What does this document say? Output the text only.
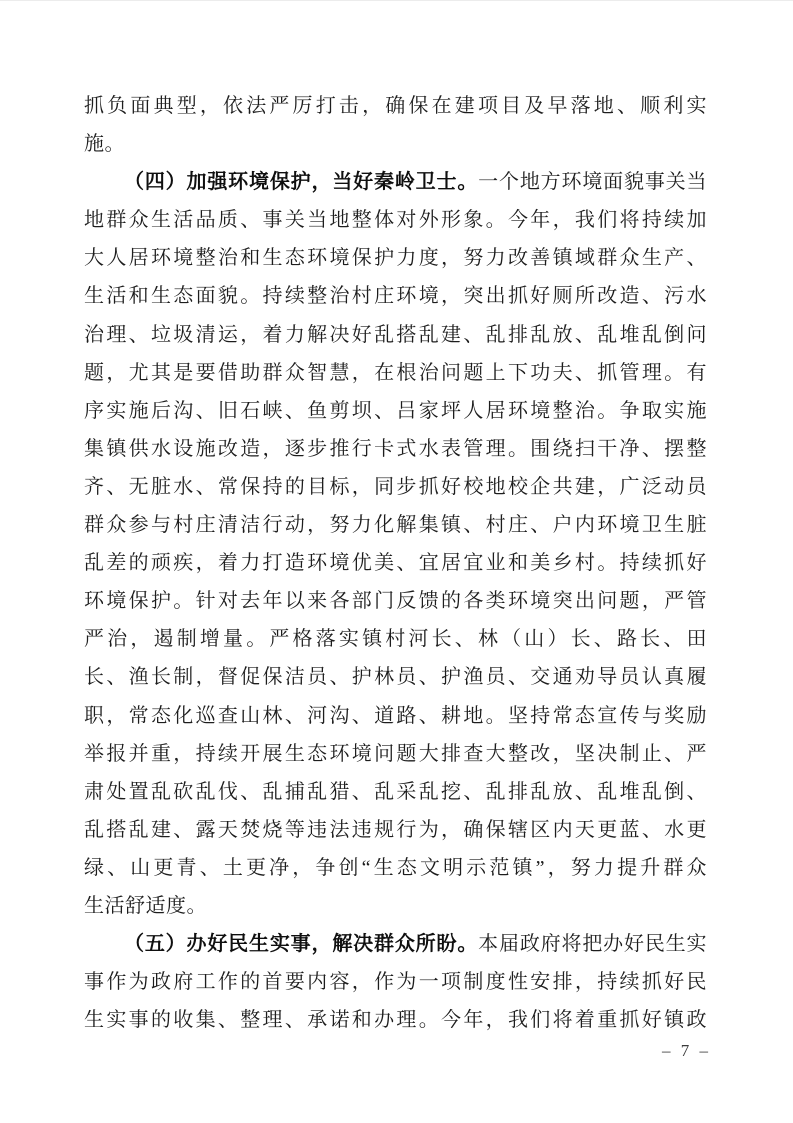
抓负面典型，依法严厉打击，确保在建项目及早落地、顺利实
施。
（四）加强环境保护，当好秦岭卫士。一个地方环境面貌事关当
地群众生活品质、事关当地整体对外形象。今年，我们将持续加
大人居环境整治和生态环境保护力度，努力改善镇域群众生产、
生活和生态面貌。持续整治村庄环境，突出抓好厕所改造、污水
治理、垃圾清运，着力解决好乱搭乱建、乱排乱放、乱堆乱倒问
题，尤其是要借助群众智慧，在根治问题上下功夫、抓管理。有
序实施后沟、旧石峡、鱼剪坝、吕家坪人居环境整治。争取实施
集镇供水设施改造，逐步推行卡式水表管理。围绕扫干净、摆整
齐、无脏水、常保持的目标，同步抓好校地校企共建，广泛动员
群众参与村庄清洁行动，努力化解集镇、村庄、户内环境卫生脏
乱差的顽疾，着力打造环境优美、宜居宜业和美乡村。持续抓好
环境保护。针对去年以来各部门反馈的各类环境突出问题，严管
严治，遏制增量。严格落实镇村河长、林（山）长、路长、田
长、渔长制，督促保洁员、护林员、护渔员、交通劝导员认真履
职，常态化巡查山林、河沟、道路、耕地。坚持常态宣传与奖励
举报并重，持续开展生态环境问题大排查大整改，坚决制止、严
肃处置乱砍乱伐、乱捕乱猎、乱采乱挖、乱排乱放、乱堆乱倒、
乱搭乱建、露天焚烧等违法违规行为，确保辖区内天更蓝、水更
绿、山更青、土更净，争创“生态文明示范镇”，努力提升群众
生活舒适度。
（五）办好民生实事，解决群众所盼。本届政府将把办好民生实
事作为政府工作的首要内容，作为一项制度性安排，持续抓好民
生实事的收集、整理、承诺和办理。今年，我们将着重抓好镇政
– 7 –
